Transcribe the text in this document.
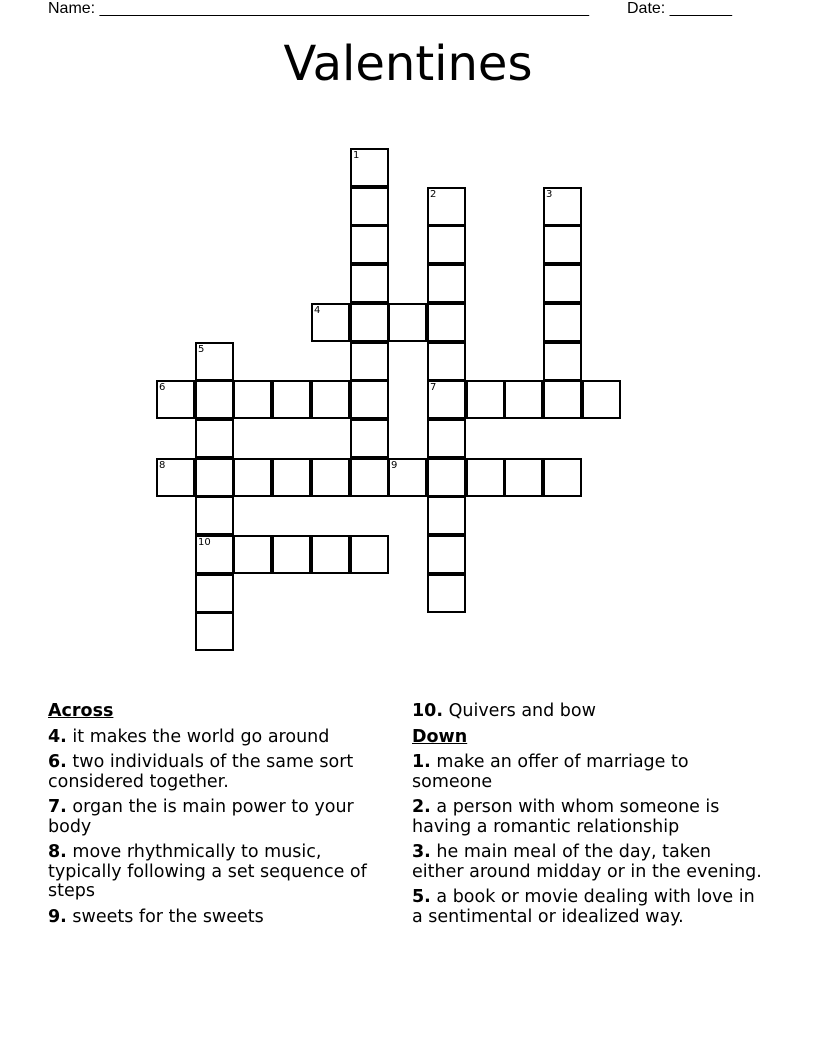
Name: _______________________________________________________ Date: _______
Valentines
1
2
7
3
4
5
10
6
8	9
Across
4. it makes the world go around
6. two individuals of the same sort considered together.
7. organ the is main power to your body
8. move rhythmically to music, typically following a set sequence of steps
9. sweets for the sweets
10. Quivers and bow
Down
1. make an offer of marriage to someone
2. a person with whom someone is having a romantic relationship
3. he main meal of the day, taken either around midday or in the evening.
5. a book or movie dealing with love in a sentimental or idealized way.
